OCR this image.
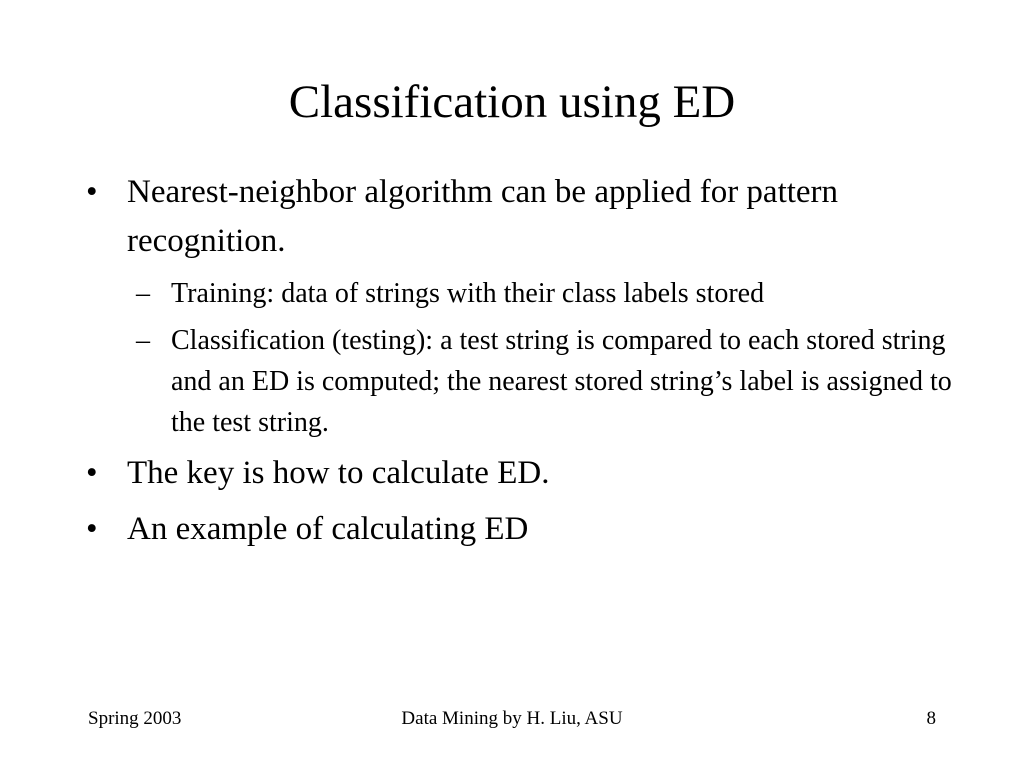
Classification using ED
• Nearest-neighbor algorithm can be applied for pattern recognition.
– Training: data of strings with their class labels stored
– Classification (testing): a test string is compared to each stored string and an ED is computed; the nearest stored string’s label is assigned to the test string.
• The key is how to calculate ED.
• An example of calculating ED
Spring 2003	Data Mining by H. Liu, ASU	8
